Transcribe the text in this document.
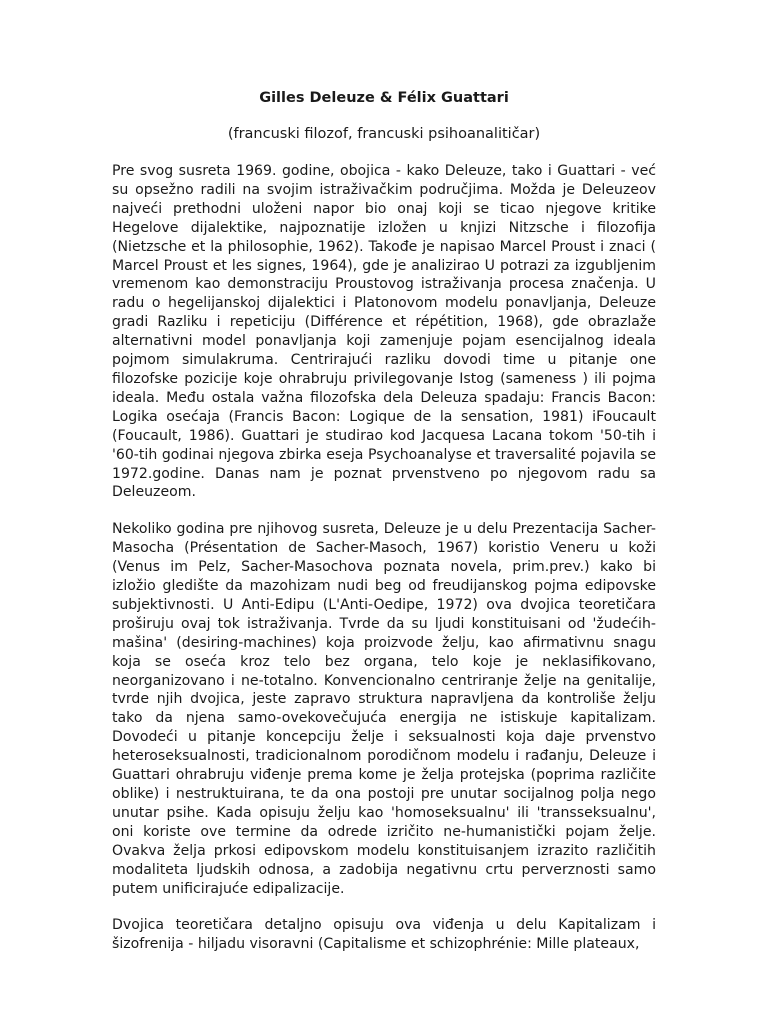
Gilles Deleuze & Félix Guattari
(francuski filozof, francuski psihoanalitičar)

Pre svog susreta 1969. godine, obojica - kako Deleuze, tako i Guattari - već su opsežno radili na svojim istraživačkim područjima. Možda je Deleuzeov najveći prethodni uloženi napor bio onaj koji se ticao njegove kritike Hegelove dijalektike, najpoznatije izložen u knjizi Nitzsche i filozofija (Nietzsche et la philosophie, 1962). Takođe je napisao Marcel Proust i znaci ( Marcel Proust et les signes, 1964), gde je analizirao U potrazi za izgubljenim vremenom kao demonstraciju Proustovog istraživanja procesa značenja. U radu o hegelijanskoj dijalektici i Platonovom modelu ponavljanja, Deleuze gradi Razliku i repeticiju (Différence et répétition, 1968), gde obrazlaže alternativni model ponavljanja koji zamenjuje pojam esencijalnog ideala pojmom simulakruma. Centrirajući razliku dovodi time u pitanje one filozofske pozicije koje ohrabruju privilegovanje Istog (sameness ) ili pojma ideala. Među ostala važna filozofska dela Deleuza spadaju: Francis Bacon: Logika osećaja (Francis Bacon: Logique de la sensation, 1981) iFoucault (Foucault, 1986). Guattari je studirao kod Jacquesa Lacana tokom '50-tih i '60-tih godinai njegova zbirka eseja Psychoanalyse et traversalité pojavila se 1972.godine. Danas nam je poznat prvenstveno po njegovom radu sa Deleuzeom.

Nekoliko godina pre njihovog susreta, Deleuze je u delu Prezentacija Sacher-Masocha (Présentation de Sacher-Masoch, 1967) koristio Veneru u koži (Venus im Pelz, Sacher-Masochova poznata novela, prim.prev.) kako bi izložio gledište da mazohizam nudi beg od freudijanskog pojma edipovske subjektivnosti. U Anti-Edipu (L'Anti-Oedipe, 1972) ova dvojica teoretičara proširuju ovaj tok istraživanja. Tvrde da su ljudi konstituisani od 'žudećih-mašina' (desiring-machines) koja proizvode želju, kao afirmativnu snagu koja se oseća kroz telo bez organa, telo koje je neklasifikovano, neorganizovano i ne-totalno. Konvencionalno centriranje želje na genitalije, tvrde njih dvojica, jeste zapravo struktura napravljena da kontroliše želju tako da njena samo-ovekovečujuća energija ne istiskuje kapitalizam. Dovodeći u pitanje koncepciju želje i seksualnosti koja daje prvenstvo heteroseksualnosti, tradicionalnom porodičnom modelu i rađanju, Deleuze i Guattari ohrabruju viđenje prema kome je želja protejska (poprima različite oblike) i nestruktuirana, te da ona postoji pre unutar socijalnog polja nego unutar psihe. Kada opisuju želju kao 'homoseksualnu' ili 'transseksualnu', oni koriste ove termine da odrede izričito ne-humanistički pojam želje. Ovakva želja prkosi edipovskom modelu konstituisanjem izrazito različitih modaliteta ljudskih odnosa, a zadobija negativnu crtu perverznosti samo putem unificirajuće edipalizacije.

Dvojica teoretičara detaljno opisuju ova viđenja u delu Kapitalizam i šizofrenija - hiljadu visoravni (Capitalisme et schizophrénie: Mille plateaux,
